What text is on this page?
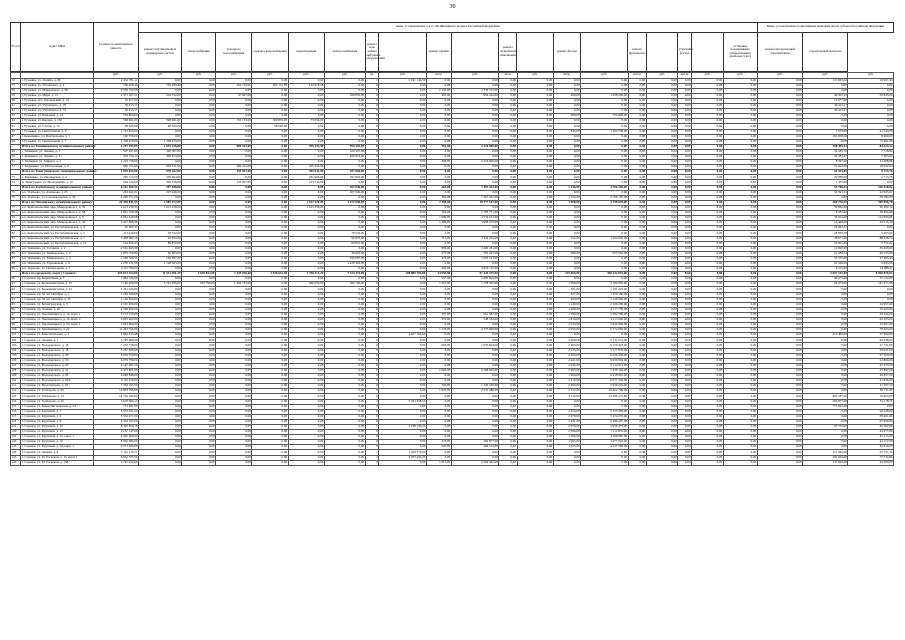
30
№ п/п	Адрес МКД	Стоимость капитального ремонта	виды, установленные ч.1 ст.166 Жилищного кодекса Российской Федерации																			Виды, установленные нормативным правовым актом субъекта Российской Федерации	
			ремонт внутридомовых инженерных систем	теплоснабжения	холодного водоснабжения	горячего водоснабжения	водоотведения	электроснабжения	ремонт или замена лифтового оборудования		ремонт крыши		ремонт подвальных помещений		ремонт фасада		ремонт фундамента		утепление фасада		установка коллективных (общедомовых) приборов учета	разработка проектной документации	строительный контроль
		руб.	руб.	руб.	руб.	руб.	руб.	руб.	ед.	руб.	кв.м.	руб.	кв.м.	руб.	кв.м.	руб.	куб.м.	руб.	куб.м.	руб.	руб.	руб.	руб.	руб.
56	г. Рузаевка, ул. Ленина, д. 80	2 452 781,11	0,00	0,00	0,00	0,00	0,00	0,00	1	2 191 146,59	0,00	0,00	0,00	0,00	0,00	0,00	0,00	0,00	0,00	0,00	0,00	0,00	115 663,00	10 997,43
57	г. Рузаевка, ул. Ухтомского, д. 4	726 269,44	726 269,44	0,00	262 119,01	262 131,85	142 018,58	0,00	0	0,00	0,00	0,00	0,00	0,00	0,00	0,00	0,00	0,00	0,00	0,00	0,00	0,00	0,00	0,00
58	г. Рузаевка, ул. Маяковского, д. 98	2 339 752,00	0,00	0,00	0,00	0,00	0,00	0,00	0	0,00	1 130,00	2 339 752,00	0,00	0,00	0,00	0,00	0,00	0,00	0,00	0,00	0,00	0,00	0,00	0,00
59	г. Рузаевка, ул. Мира, д. 12	2 371 567,21	216 742,00	0,00	47 907,00	0,00	0,00	168 835,00	0	0,00	467,00	994 416,00	0,00	0,00	469,00	1 058 209,00	0,00	0,00	0,00	0,00	0,00	0,00	49 352,23	52 843,96
60	г. Рузаевка, пос. Пионерский, д. 16	15 677,00	0,00	0,00	0,00	0,00	0,00	0,00	0	0,00	0,00	0,00	0,00	0,00	0,00	0,00	0,00	0,00	0,00	0,00	0,00	0,00	15 677,00	0,00
61	г. Рузаевка, ул. Ухтомского, д. 78	30 413,17	0,00	0,00	0,00	0,00	0,00	0,00	0	0,00	0,00	0,00	0,00	0,00	0,00	0,00	0,00	0,00	0,00	0,00	0,00	0,00	30 413,17	0,00
62	г. Рузаевка, ул. Ухтомского, д. 72	30 413,17	0,00	0,00	0,00	0,00	0,00	0,00	0	0,00	0,00	0,00	0,00	0,00	0,00	0,00	0,00	0,00	0,00	0,00	0,00	0,00	30 413,17	0,00
63	г. Рузаевка, ул. Юрьевой, д. 14	754 860,00	0,00	0,00	0,00	0,00	0,00	0,00	0	0,00	0,00	0,00	0,00	0,00	380,00	754 860,00	0,00	0,00	0,00	0,00	0,00	0,00	0,00	0,00
64	г. Рузаевка, ул. Кирова, д. 136	598 061,00	598 061,00	0,00	155 133,00	369 874,00	73 054,00	0,00	0	0,00	0,00	0,00	0,00	0,00	0,00	0,00	0,00	0,00	0,00	0,00	0,00	0,00	0,00	0,00
65	г. Рузаевка, ул. Гоголя, д. 14	98 020,00	98 020,00	0,00	0,00	98 020,00	0,00	0,00	0	0,00	0,00	0,00	0,00	0,00	0,00	0,00	0,00	0,00	0,00	0,00	0,00	0,00	0,00	0,00
66	г. Рузаевка, ул. Центральная, д. 9	1 712 453,00	0,00	0,00	0,00	0,00	0,00	0,00	0	0,00	0,00	0,00	0,00	0,00	845,00	1 404 758,00	0,00	0,00	0,00	0,00	0,00	0,00	7 573,00	41 543,00
67	г. Ковылкино, ул. Центральная, д. 1	190 758,00	0,00	0,00	0,00	0,00	0,00	0,00	0	0,00	0,00	0,00	0,00	0,00	0,00	0,00	0,00	0,00	0,00	0,00	0,00	0,00	181 858,00	8 900,00
68	г. Рузаевка, ул. Центральная, д. 7	1 308 470,00	1 308 470,00	0,00	0,00	0,00	0,00	0,00	0	0,00	0,00	0,00	0,00	0,00	0,00	0,00	0,00	0,00	0,00	0,00	0,00	0,00	0,00	73 481,99
	Итого по Темниковскому муниципальному району:	4 251 195,85	1 954 226,00	0,00	400 412,00	0,00	555 432,90	998 181,00	0	0,00	761,00	2 216 000,00	0,00	0,00	0,00	0,00	0,00	0,00	0,00	0,00	0,00	0,00	208 459,42	84 524,32
69	г. Темников, ул. Ленина, д. 3	507 637,90	320 307,00	0,00	0,00	0,00	0,00	320 307,00	0	0,00	0,00	0,00	0,00	0,00	0,00	0,00	0,00	0,00	0,00	0,00	0,00	0,00	32 185,76	7 718,86
70	г. Темников, ул. Ленина, д. 21	533 734,13	469 974,00	0,00	0,00	0,00	0,00	469 974,00	0	0,00	0,00	0,00	0,00	0,00	0,00	0,00	0,00	0,00	0,00	0,00	0,00	0,00	44 583,87	7 363,64
71	г. Темников, ул. Зайцева, д. 3	1 219 738,00	0,00	0,00	0,00	0,00	0,00	0,00	0	0,00	369,00	2 216 000,00	0,00	0,00	0,00	0,00	0,00	0,00	0,00	0,00	0,00	0,00	8 567,00	11 408,84
72	г. Андреевка, ул. Молодежная, д. 2	950 151,94	950 151,94	0,00	400 412,00	0,00	555 432,90	0,00	0	0,00	0,00	0,00	0,00	0,00	0,00	0,00	0,00	0,00	0,00	0,00	0,00	0,00	51 624,90	10 622,94
	Итого по Теньгушевскому муниципальному району:	1 039 834,00	978 362,00	0,00	135 957,00	0,00	445 541,00	297 864,00	0	0,00	0,00	0,00	0,00	0,00	0,00	0,00	0,00	0,00	0,00	0,00	0,00	0,00	54 554,85	6 713,78
73	с. Барашево, ул. Пионерская, д. 4	795 715,00	579 064,00	0,00	0,00	0,00	231 903,00	297 864,00	0	0,00	0,00	0,00	0,00	0,00	0,00	0,00	0,00	0,00	0,00	0,00	0,00	0,00	29 938,00	6 713,78
74	п. Теньгушево, ул. Молодежная, д. 10	264 124,00	399 318,00	0,00	135 957,00	0,00	213 741,00	0,00	0	0,00	0,00	0,00	0,00	0,00	0,00	0,00	0,00	0,00	0,00	0,00	0,00	0,00	1 355,00	0,00
	Итого по Торбеевскому муниципальному району:	8 161 182,51	207 046,00	0,00	0,00	0,00	0,00	207 046,00	0	0,00	364,00	7 497 432,00	0,00	0,00	1 156,00	2 766 165,00	0,00	0,00	0,00	0,00	0,00	0,00	55 786,01	120 918,02
75	р.п. Торбеево, ул. Ахманова, д. 65	263 641,01	207 046,00	0,00	0,00	0,00	0,00	207 046,00	0	0,00	0,00	0,00	0,00	0,00	0,00	0,00	0,00	0,00	0,00	0,00	0,00	0,00	34 591,51	22 043,02
76	р.п. Торбеево, ул. Садовая-первая, д. 34	4 295 571,00	0,00	0,00	0,00	0,00	0,00	0,00	0	0,00	364,00	7 497 432,00	0,00	0,00	1 156,00	2 766 165,00	0,00	0,00	0,00	0,00	0,00	0,00	0,00	58 784,00
	Итого по Чамзинскому муниципальному району:	26 459 841,53	2 985 472,00	0,00	0,00	0,00	1 612 520,00	1 372 946,00	0	0,00	7 384,00	19 777 107,00	0,00	0,00	1 008,00	2 758 629,00	0,00	0,00	0,00	0,00	0,00	0,00	360 776,55	540 856,78
77	р.п. Комсомольский, мкр. Микрорайон-1, д. 35	1 613 230,34	1 613 230,00	0,00	0,00	0,00	1 613 230,00	0,00	0	0,00	0,00	0,00	0,00	0,00	0,00	0,00	0,00	0,00	0,00	0,00	0,00	0,00	30 830,20	20 302,14
78	р.п. Комсомольский, мкр. Микрорайон-1, д. 58	1 861 339,58	0,00	0,00	0,00	0,00	0,00	0,00	0	0,00	564,00	1 785 771,00	0,00	0,00	0,00	0,00	0,00	0,00	0,00	0,00	0,00	0,00	8 581,00	39 804,98
79	р.п. Комсомольский, мкр. Микрорайон-2, д. 9	4 661 440,68	0,00	0,00	0,00	0,00	0,00	0,00	0	0,00	1 099,00	4 534 191,00	0,00	0,00	0,00	0,00	0,00	0,00	0,00	0,00	0,00	0,00	36 054,00	112 695,68
80	р.п. Комсомольский, мкр. Микрорайон-2, д. 30	2 427 698,36	0,00	0,00	0,00	0,00	0,00	0,00	0	0,00	1 499,00	3 998 275,00	0,00	0,00	0,00	0,00	0,00	0,00	0,00	0,00	0,00	0,00	15 408,00	34 315,36
81	р.п. Комсомольский, ул. Республиканская, д. 4	52 602,37	0,00	0,00	0,00	0,00	0,00	0,00	0	0,00	0,00	0,00	0,00	0,00	0,00	0,00	0,00	0,00	0,00	0,00	0,00	0,00	52 602,37	0,00
82	р.п. Комсомольский, ул. Республиканская, д. 5	113 234,00	78 532,00	0,00	0,00	0,00	0,00	78 532,00	0	0,00	0,00	0,00	0,00	0,00	0,00	0,00	0,00	0,00	0,00	0,00	0,00	0,00	28 958,38	5 663,62
83	р.п. Комсомольский, ул. Республиканская, д. 7	5 408 082,16	92 872,00	0,00	0,00	0,00	0,00	92 872,00	0	0,00	713,00	3 422 216,00	0,00	0,00	722,00	1 592 602,00	0,00	0,00	0,00	0,00	0,00	0,00	48 671,49	88 658,74
84	р.п. Комсомольский, ул. Республиканская, д. 13	124 634,45	89 872,00	0,00	0,00	0,00	0,00	89 872,00	0	0,00	0,00	0,00	0,00	0,00	0,00	0,00	0,00	0,00	0,00	0,00	0,00	0,00	33 001,83	5 751,62
85	р.п. Чамзинка, ул. Гагарина, д. 2	2 591 643,99	0,00	0,00	0,00	0,00	0,00	0,00	0	0,00	882,00	2 460 431,00	0,00	0,00	0,00	0,00	0,00	0,00	0,00	0,00	0,00	0,00	12 826,99	35 660,00
86	р.п. Чамзинка, ул. Маяковского, д. 2	1 875 729,82	36 963,00	0,00	0,00	0,00	0,00	36 963,00	0	0,00	275,00	781 227,00	0,00	0,00	286,00	955 964,00	0,00	0,00	0,00	0,00	0,00	0,00	61 289,54	40 723,66
87	р.п. Чамзинка, ул. Маяковского, д. 4	1 548 349,51	166 697,00	0,00	0,00	0,00	0,00	166 697,00	0	0,00	273,00	1 093 213,00	0,00	0,00	0,00	0,00	0,00	0,00	0,00	0,00	0,00	0,00	35 275,00	27 283,43
88	р.п. Чамзинка, ул. Терешковой, д. 9	1 270 131,58	1 128 303,00	0,00	0,00	0,00	0,00	1 128 303,00	0	0,00	0,00	0,00	0,00	0,00	0,00	0,00	0,00	0,00	0,00	0,00	0,00	0,00	61 328,00	5 843,96
89	р.п. Атрасево, ул. Центральная, д. 7	3 112 799,00	0,00	0,00	0,00	0,00	0,00	0,00	0	0,00	400,00	3 056 116,00	0,00	0,00	0,00	0,00	0,00	0,00	0,00	0,00	0,00	0,00	2 215,00	54 088,11
	Итого по городскому округу Саранск:	491 672 214,09	11 531 951,29	3 649 822,00	2 435 796,00	2 926 631,00	1 758 312,29	7 324 373,00	2	108 880 783,00	24 955,00	87 443 475,00	0,00	0,00	135 460,00	368 242 851,00	0,00	0,00	0,00	0,00	0,00	0,00	5 097 153,50	8 028 870,02
90	г. Саранск, пр. Кирпичный, д. 7	1 883 726,00	0,00	0,00	0,00	0,00	0,00	0,00	0	0,00	537,00	1 883 905,00	0,00	0,00	0,00	0,00	0,00	0,00	0,00	0,00	0,00	0,00	49 673,00	55 152,00
91	г. Саранск, ул. Большевистская, д. 25	7 126 459,00	3 761 958,00	935 796,00	1 266 733,00	0,00	966 659,00	580 720,00	0	0,00	1 010,00	1 758 595,00	0,00	0,00	1 398,00	2 184 905,00	0,00	0,00	0,00	0,00	0,00	0,00	92 974,00	147 277,68
92	г. Саранск, ул. Большевистская, д. 12	1 261 223,00	0,00	0,00	0,00	0,00	0,00	0,00	0	0,00	0,00	0,00	0,00	0,00	301,00	1 161 223,00	0,00	0,00	0,00	0,00	0,00	0,00	0,00	0,00
93	г. Саранск, пр. 50 лет Октября, д. 1	1 259 180,00	0,00	0,00	0,00	0,00	0,00	0,00	0	0,00	0,00	0,00	0,00	0,00	327,00	1 259 180,00	0,00	0,00	0,00	0,00	0,00	0,00	0,00	0,00
94	г. Саранск, пр. 50 лет Октября, д. 15	1 129 500,00	0,00	0,00	0,00	0,00	0,00	0,00	0	0,00	0,00	0,00	0,00	0,00	293,00	1 129 500,00	0,00	0,00	0,00	0,00	0,00	0,00	0,00	0,00
95	г. Саранск, ул. Ботевградская, д. 3	2 191 206,00	0,00	0,00	0,00	0,00	0,00	0,00	0	0,00	0,00	0,00	0,00	0,00	1 149,00	2 166 209,00	0,00	0,00	0,00	0,00	0,00	0,00	0,00	24 997,00
96	г. Саранск, пр. Ленина, д. 49	4 799 902,00	0,00	0,00	0,00	0,00	0,00	0,00	0	0,00	0,00	0,00	0,00	0,00	1 008,00	4 717 739,00	0,00	0,00	0,00	0,00	0,00	0,00	0,00	76 263,00
97	г. Саранск, ул. Хмельницкого, д. 12, корп. 1	3 173 159,00	0,00	0,00	0,00	0,00	0,00	0,00	0	0,00	281,00	561 587,00	0,00	0,00	1 580,00	2 582 790,00	0,00	0,00	0,00	0,00	0,00	0,00	0,00	29 192,00
98	г. Саранск, ул. Хмельницкого, д. 12, корп. 2	3 625 622,00	0,00	0,00	0,00	0,00	0,00	0,00	0	0,00	270,00	548 529,00	0,00	0,00	1 810,00	3 013 990,00	0,00	0,00	0,00	0,00	0,00	0,00	0,00	63 103,00
99	г. Саранск, ул. Хмельницкого, д. 22, корп. 1	5 663 964,00	0,00	0,00	0,00	0,00	0,00	0,00	0	0,00	0,00	0,00	0,00	0,00	2 523,00	5 624 994,00	0,00	0,00	0,00	0,00	0,00	0,00	0,00	32 967,00
100	г. Саранск, ул. Хмельницкого, д. 22	11 423 796,00	0,00	0,00	0,00	0,00	0,00	0,00	0	0,00	1 176,00	4 773 609,00	0,00	0,00	2 953,00	6 574 004,00	0,00	0,00	0,00	0,00	0,00	0,00	0,00	78 663,00
101	г. Саранск, ул. Комсомольская, д. 3	4 862 213,48	0,00	0,00	0,00	0,00	0,00	0,00	1	4 607 162,62	0,00	0,00	0,00	0,00	0,00	0,00	0,00	0,00	0,00	0,00	0,00	0,00	216 460,00	37 990,86
102	г. Саранск, ул. Ленина, д. 1	5 795 669,00	0,00	0,00	0,00	0,00	0,00	0,00	0	0,00	0,00	0,00	0,00	0,00	2 408,00	5 731 031,00	0,00	0,00	0,00	0,00	0,00	0,00	0,00	64 638,00
103	г. Саранск, ул. Володарского, д. 16	7 233 758,00	0,00	0,00	0,00	0,00	0,00	0,00	0	0,00	693,00	1 055 604,00	0,00	0,00	2 403,00	6 150 423,00	0,00	0,00	0,00	0,00	0,00	0,00	0,00	27 731,00
104	г. Саранск, ул. Володарского, д. 18	5 237 500,00	0,00	0,00	0,00	0,00	0,00	0,00	0	0,00	0,00	0,00	0,00	0,00	2 033,00	5 177 879,00	0,00	0,00	0,00	0,00	0,00	0,00	0,00	59 621,00
105	г. Саранск, ул. Володарского, д. 20	6 053 750,00	0,00	0,00	0,00	0,00	0,00	0,00	0	0,00	0,00	0,00	0,00	0,00	2 365,00	6 026 250,00	0,00	0,00	0,00	0,00	0,00	0,00	0,00	27 500,00
106	г. Саранск, ул. Володарского, д. 50	6 079 780,00	0,00	0,00	0,00	0,00	0,00	0,00	0	0,00	0,00	0,00	0,00	0,00	2 441,00	6 056 904,00	0,00	0,00	0,00	0,00	0,00	0,00	0,00	22 860,00
107	г. Саранск, ул. Володарского, д. 90	6 147 281,50	0,00	0,00	0,00	0,00	0,00	0,00	0	0,00	0,00	0,00	0,00	0,00	2 046,00	6 114 913,00	0,00	0,00	0,00	0,00	0,00	0,00	0,00	32 370,50
108	г. Саранск, ул. Володарского, д. 91	9 473 601,00	0,00	0,00	0,00	0,00	0,00	0,00	0	0,00	1 003,00	2 188 605,00	0,00	0,00	2 695,00	7 239 104,00	0,00	0,00	0,00	0,00	0,00	0,00	0,00	45 892,00
109	г. Саранск, ул. Володарского, д. 92	6 648 848,00	0,00	0,00	0,00	0,00	0,00	0,00	0	0,00	0,00	0,00	0,00	0,00	1 960,00	6 618 991,00	0,00	0,00	0,00	0,00	0,00	0,00	0,00	29 857,00
110	г. Саранск, ул. Володарского, д. 92А	6 119 150,00	0,00	0,00	0,00	0,00	0,00	0,00	0	0,00	0,00	0,00	0,00	0,00	2 410,00	6 077 320,00	0,00	0,00	0,00	0,00	0,00	0,00	0,00	41 830,00
111	г. Саранск, ул. Веселовского, д. 94	7 304 165,50	0,00	0,00	0,00	0,00	0,00	0,00	0	0,00	720,00	1 326 379,00	0,00	0,00	2 493,00	5 936 219,00	0,00	0,00	0,00	0,00	0,00	0,00	0,00	41 567,50
112	г. Саранск, ул. Гончарова, д. 69	12 893 796,00	0,00	0,00	0,00	0,00	0,00	0,00	0	0,00	1 676,00	2 231 286,00	0,00	0,00	2 512,00	10 622 799,00	0,00	0,00	0,00	0,00	0,00	0,00	0,00	39 711,00
113	г. Саранск, ул. Гончарова, д. 14	14 769 245,00	0,00	0,00	0,00	0,00	0,00	0,00	0	0,00	0,00	0,00	0,00	0,00	3 512,00	14 289 175,00	0,00	0,00	0,00	0,00	0,00	0,00	403 167,00	76 903,00
114	г. Саранск, ул. Гончарова, д. 16	5 618 384,13	0,00	0,00	0,00	0,00	0,00	0,00	1	5 254 368,55	0,00	0,00	0,00	0,00	0,00	0,00	0,00	0,00	0,00	0,00	0,00	0,00	266 877,00	51 118,73
115	г. Саранск, ул. Коммунистическая, д. 54	773 691,00	0,00	0,00	0,00	0,00	0,00	0,00	0	0,00	0,00	0,00	0,00	0,00	0,00	0,00	0,00	0,00	0,00	0,00	0,00	0,00	773 691,00	0,00
116	г. Саранск, ул. Крупской, д. 1	5 573 931,00	0,00	0,00	0,00	0,00	0,00	0,00	0	0,00	0,00	0,00	0,00	0,00	2 076,00	5 553 383,00	0,00	0,00	0,00	0,00	0,00	0,00	0,00	20 548,00
117	г. Саранск, ул. Крупской, д. 6	5 532 471,00	0,00	0,00	0,00	0,00	0,00	0,00	0	0,00	0,00	0,00	0,00	0,00	2 079,00	5 474 070,00	0,00	0,00	0,00	0,00	0,00	0,00	0,00	58 401,00
118	г. Саранск, ул. Крупской, д. 8	6 354 197,00	0,00	0,00	0,00	0,00	0,00	0,00	0	0,00	0,00	0,00	0,00	0,00	2 441,00	6 286 207,00	0,00	0,00	0,00	0,00	0,00	0,00	0,00	67 990,00
119	г. Саранск, ул. Крупской, д. 10	8 320 850,18	0,00	0,00	0,00	0,00	0,00	0,00	1	2 198 136,22	0,00	0,00	0,00	0,00	2 079,00	5 936 472,00	0,00	0,00	0,00	0,00	0,00	0,00	95 779,00	36 362,96
120	г. Саранск, ул. Крупской, д. 12	7 157 147,00	0,00	0,00	0,00	0,00	0,00	0,00	0	0,00	0,00	0,00	0,00	0,00	2 506,00	7 112 870,00	0,00	0,00	0,00	0,00	0,00	0,00	0,00	44 277,00
121	г. Саранск, ул. Крупской, д. 12, корп. 1	4 302 300,00	0,00	0,00	0,00	0,00	0,00	0,00	0	0,00	0,00	0,00	0,00	0,00	1 596,00	4 269 887,00	0,00	0,00	0,00	0,00	0,00	0,00	0,00	32 413,00
122	г. Саранск, ул. Крупской, д. 16	4 056 906,00	0,00	0,00	0,00	0,00	0,00	0,00	0	0,00	272,00	566 877,00	0,00	0,00	1 095,00	3 477 022,00	0,00	0,00	0,00	0,00	0,00	0,00	0,00	44 172,00
123	г. Саранск, ул. Крупской, д. 16, корп. 1	4 573 600,00	0,00	0,00	0,00	0,00	0,00	0,00	0	0,00	205,00	406 513,00	0,00	0,00	1 625,00	4 127 268,00	0,00	0,00	0,00	0,00	0,00	0,00	0,00	39 819,00
124	г. Саранск, ул. Ленина, д. 8	7 191 115,71	0,00	0,00	0,00	0,00	0,00	0,00	1	7 248 770,00	0,00	0,00	0,00	0,00	0,00	0,00	0,00	0,00	0,00	0,00	0,00	0,00	271 022,00	55 751,31
125	г. Саранск, ул. М. Расковой, д. 15, корп. 1	4 632 725,56	0,00	0,00	0,00	0,00	0,00	0,00	1	4 272 233,23	0,00	0,00	0,00	0,00	0,00	0,00	0,00	0,00	0,00	0,00	0,00	0,00	292 956,00	77 534,86
126	г. Саранск, ул. М. Расковой, д. 15Б	2 747 432,00	0,00	0,00	0,00	0,00	0,00	0,00	0	0,00	1 015,00	2 569 432,00	0,00	0,00	0,00	0,00	0,00	0,00	0,00	0,00	0,00	0,00	137 000,00	41 000,00
